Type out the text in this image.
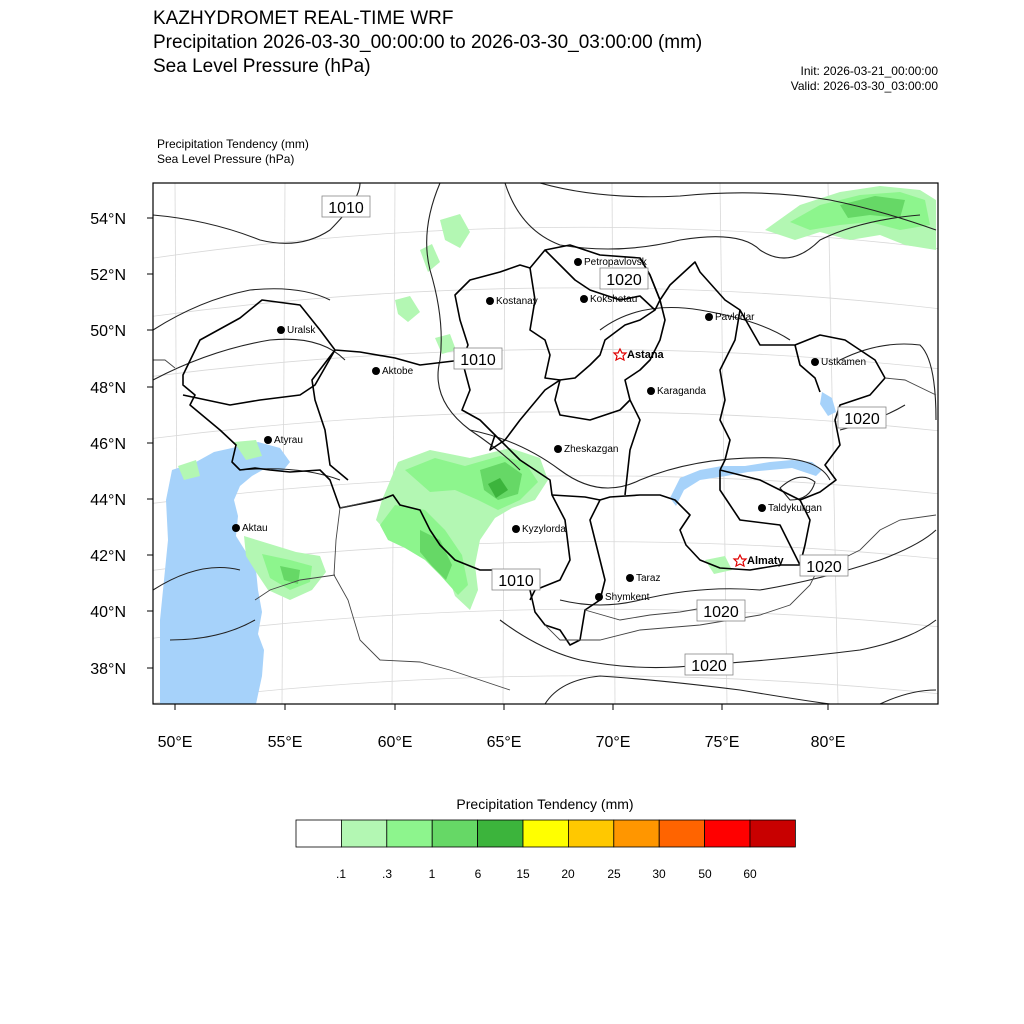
KAZHYDROMET REAL-TIME WRF
Precipitation 2026-03-30_00:00:00 to 2026-03-30_03:00:00 (mm)
Sea Level Pressure (hPa)	Init: 2026-03-21_00:00:00
Valid: 2026-03-30_03:00:00
Precipitation Tendency (mm)
Sea Level Pressure (hPa)
54°N
52°N
50°N
48°N
46°N
44°N
42°N
40°N
38°N
50°E	55°E	60°E	65°E	70°E	75°E	80°E
1010
1020
1010
1020
1010
1020
1020
1020
Petropavlovsk
Kostanay	Kokshetau
Pavlodar
Uralsk
Astana
Aktobe
Ustkamen
Karaganda
Atyrau
Zheskazgan
Aktau	Kyzylorda
Taldykurgan
Almaty
Taraz
Shymkent
Precipitation Tendency (mm)
.1	.3	1	6	15	20	25	30	50	60
